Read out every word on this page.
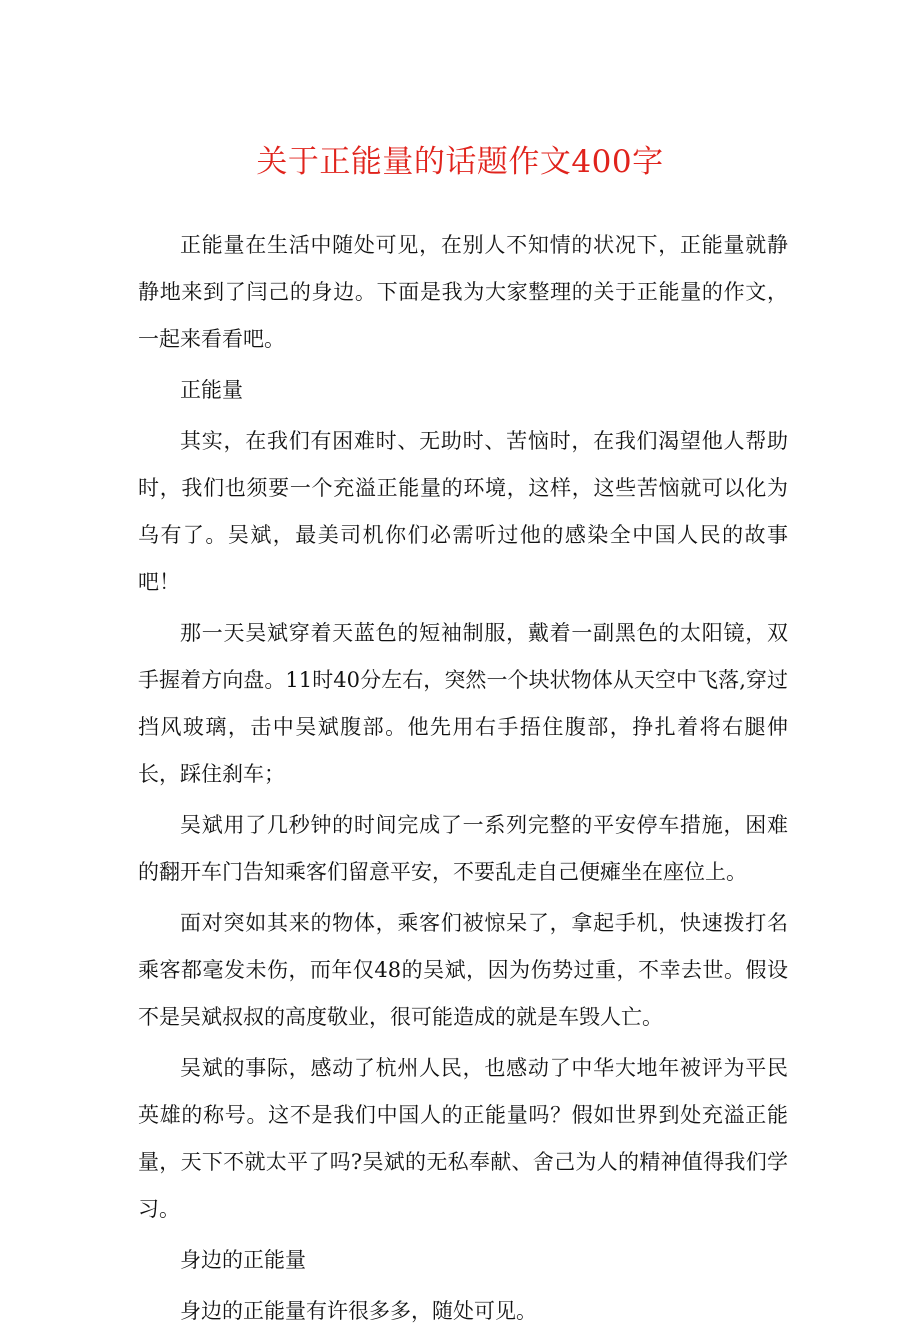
关于正能量的话题作文400字

正能量在生活中随处可见，在别人不知情的状况下，正能量就静静地来到了闫己的身边。下面是我为大家整理的关于正能量的作文，一起来看看吧。

正能量

其实，在我们有困难时、无助时、苦恼时，在我们渴望他人帮助时，我们也须要一个充溢正能量的环境，这样，这些苦恼就可以化为乌有了。吴斌，最美司机你们必需听过他的感染全中国人民的故事吧！

那一天吴斌穿着天蓝色的短袖制服，戴着一副黑色的太阳镜，双手握着方向盘。11时40分左右，突然一个块状物体从天空中飞落,穿过挡风玻璃，击中吴斌腹部。他先用右手捂住腹部，挣扎着将右腿伸长，踩住刹车；

吴斌用了几秒钟的时间完成了一系列完整的平安停车措施，困难的翻开车门告知乘客们留意平安，不要乱走自己便瘫坐在座位上。

面对突如其来的物体，乘客们被惊呆了，拿起手机，快速拨打名乘客都毫发未伤，而年仅48的吴斌，因为伤势过重，不幸去世。假设不是吴斌叔叔的高度敬业，很可能造成的就是车毁人亡。

吴斌的事际，感动了杭州人民，也感动了中华大地年被评为平民英雄的称号。这不是我们中国人的正能量吗？假如世界到处充溢正能量，天下不就太平了吗?吴斌的无私奉献、舍己为人的精神值得我们学习。

身边的正能量

身边的正能量有许很多多，随处可见。
